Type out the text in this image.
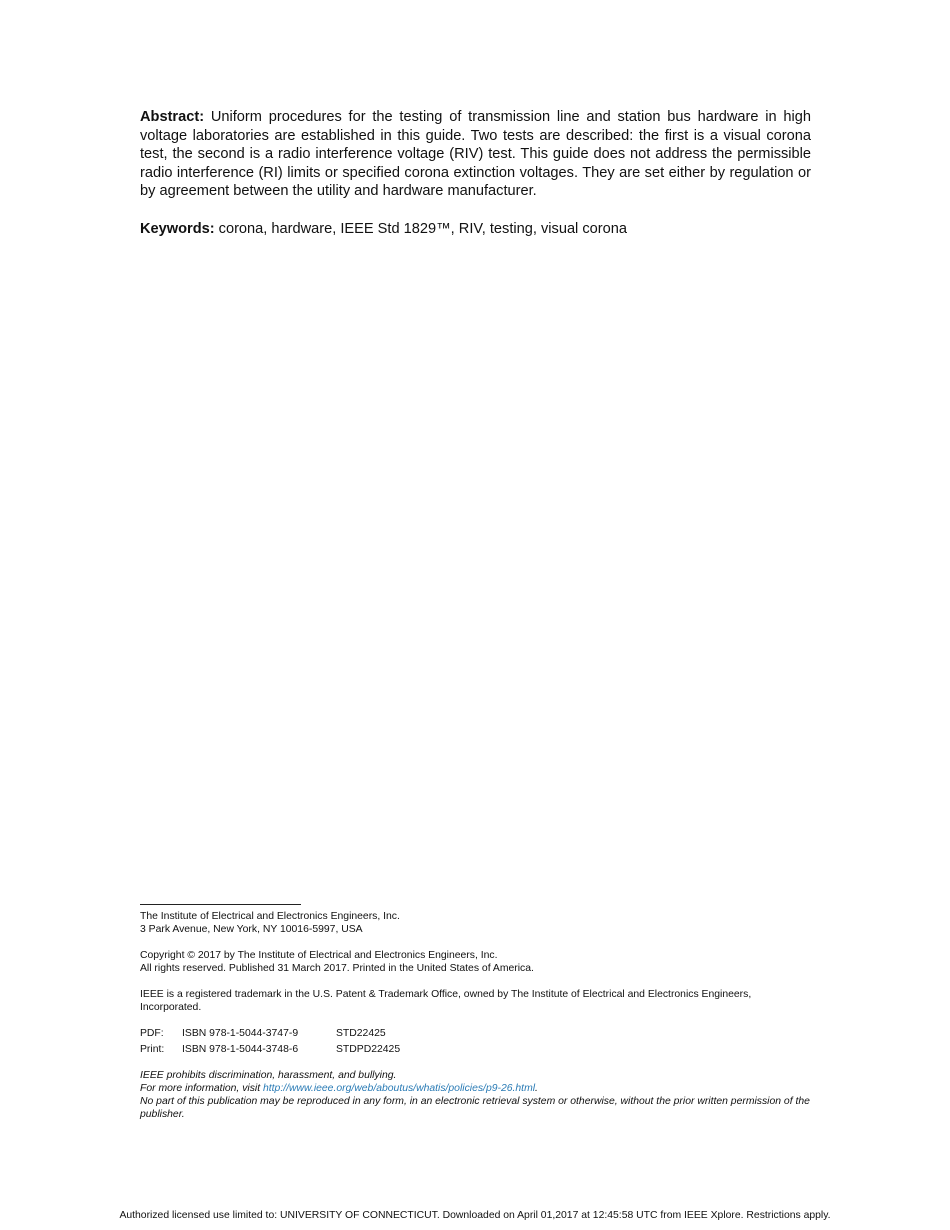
Abstract: Uniform procedures for the testing of transmission line and station bus hardware in high voltage laboratories are established in this guide. Two tests are described: the first is a visual corona test, the second is a radio interference voltage (RIV) test. This guide does not address the permissible radio interference (RI) limits or specified corona extinction voltages. They are set either by regulation or by agreement between the utility and hardware manufacturer.

Keywords: corona, hardware, IEEE Std 1829™, RIV, testing, visual corona

The Institute of Electrical and Electronics Engineers, Inc.

3 Park Avenue, New York, NY 10016-5997, USA

Copyright © 2017 by The Institute of Electrical and Electronics Engineers, Inc.

All rights reserved. Published 31 March 2017. Printed in the United States of America.

IEEE is a registered trademark in the U.S. Patent & Trademark Office, owned by The Institute of Electrical and Electronics Engineers, Incorporated.

PDF:	ISBN 978-1-5044-3747-9	STD22425
Print:	ISBN 978-1-5044-3748-6	STDPD22425

IEEE prohibits discrimination, harassment, and bullying.

For more information, visit http://www.ieee.org/web/aboutus/whatis/policies/p9-26.html.

No part of this publication may be reproduced in any form, in an electronic retrieval system or otherwise, without the prior written permission of the publisher.

Authorized licensed use limited to: UNIVERSITY OF CONNECTICUT. Downloaded on April 01,2017 at 12:45:58 UTC from IEEE Xplore. Restrictions apply.
